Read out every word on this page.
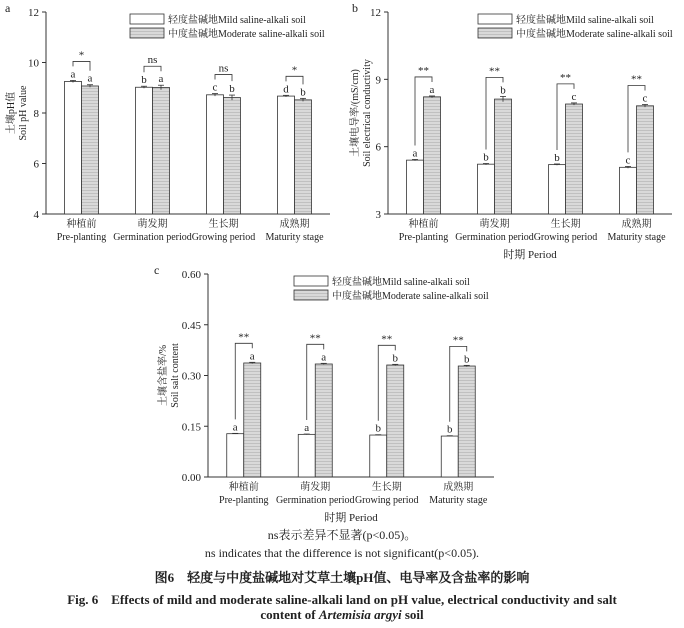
a
4
6
8
10
12
土壤pH值 Soil pH value
轻度盐碱地Mild saline-alkali soil
中度盐碱地Moderate saline-alkali soil
a a
*
种植前
Pre-planting
b a
ns
萌发期
Germination period
c b
ns
生长期
Growing period
d b
*
成熟期
Maturity stage
b
3
6
9
12
土壤电导率/(mS/cm) Soil electrical conductivity
轻度盐碱地Mild saline-alkali soil
中度盐碱地Moderate saline-alkali soil
a
a
**
种植前
Pre-planting
b
b
**
萌发期
Germination period
b
c
**
生长期
Growing period
c
c
**
成熟期
Maturity stage
时期 Period
c
0.00
0.15
0.30
0.45
0.60
土壤含盐率/% Soil salt content
轻度盐碱地Mild saline-alkali soil
中度盐碱地Moderate saline-alkali soil
a
a
**
种植前
Pre-planting
a
a
**
萌发期
Germination period
b
b
**
生长期
Growing period
b
b
**
成熟期
Maturity stage
时期 Period
ns表示差异不显著(p<0.05)。
ns indicates that the difference is not significant(p<0.05).
图6　轻度与中度盐碱地对艾草土壤pH值、电导率及含盐率的影响
Fig. 6　Effects of mild and moderate saline-alkali land on pH value, electrical conductivity and salt
content of Artemisia argyi soil
